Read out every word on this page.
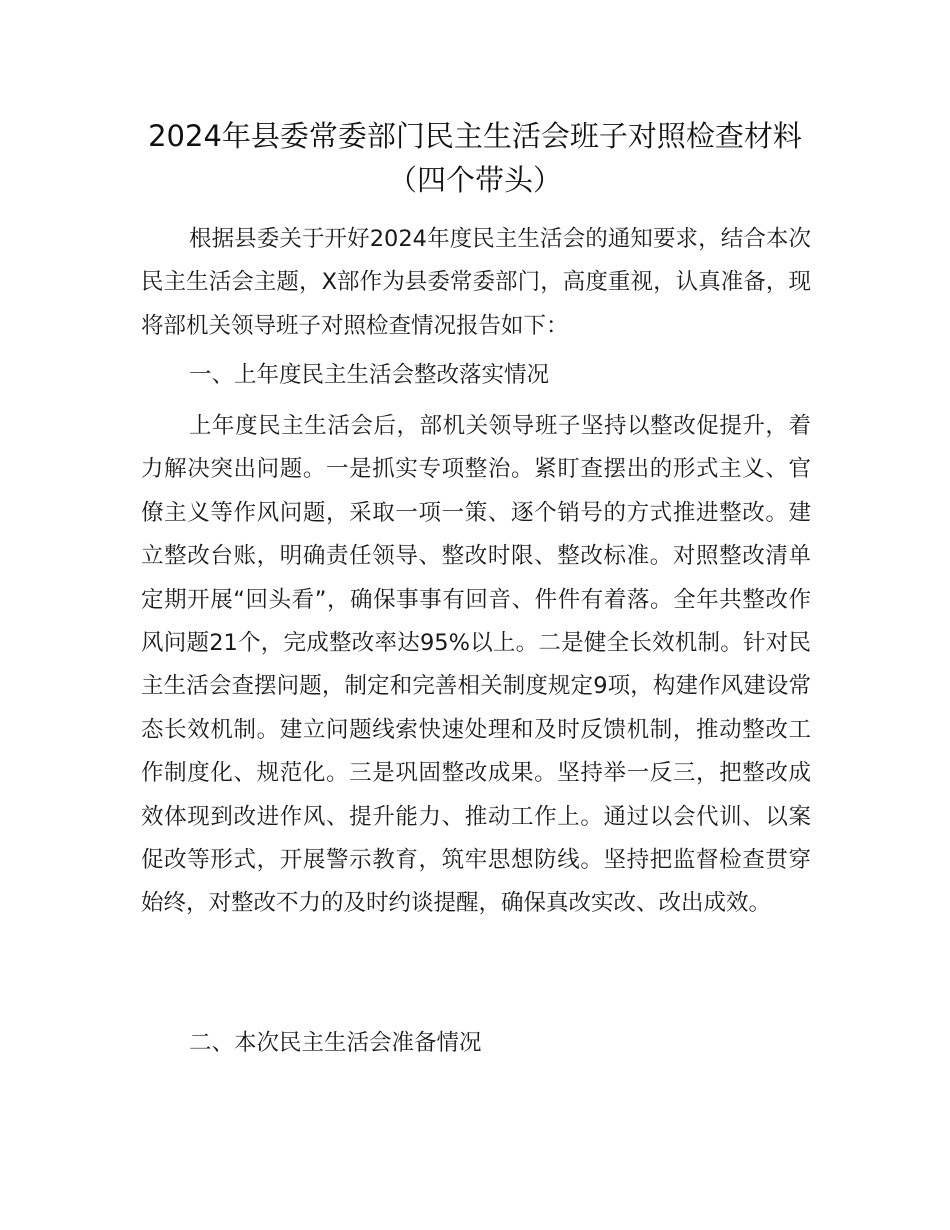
2024年县委常委部门民主生活会班子对照检查材料（四个带头）

根据县委关于开好2024年度民主生活会的通知要求，结合本次民主生活会主题，X部作为县委常委部门，高度重视，认真准备，现将部机关领导班子对照检查情况报告如下：

一、上年度民主生活会整改落实情况

上年度民主生活会后，部机关领导班子坚持以整改促提升，着力解决突出问题。一是抓实专项整治。紧盯查摆出的形式主义、官僚主义等作风问题，采取一项一策、逐个销号的方式推进整改。建立整改台账，明确责任领导、整改时限、整改标准。对照整改清单定期开展“回头看”，确保事事有回音、件件有着落。全年共整改作风问题21个，完成整改率达95%以上。二是健全长效机制。针对民主生活会查摆问题，制定和完善相关制度规定9项，构建作风建设常态长效机制。建立问题线索快速处理和及时反馈机制，推动整改工作制度化、规范化。三是巩固整改成果。坚持举一反三，把整改成效体现到改进作风、提升能力、推动工作上。通过以会代训、以案促改等形式，开展警示教育，筑牢思想防线。坚持把监督检查贯穿始终，对整改不力的及时约谈提醒，确保真改实改、改出成效。

二、本次民主生活会准备情况
